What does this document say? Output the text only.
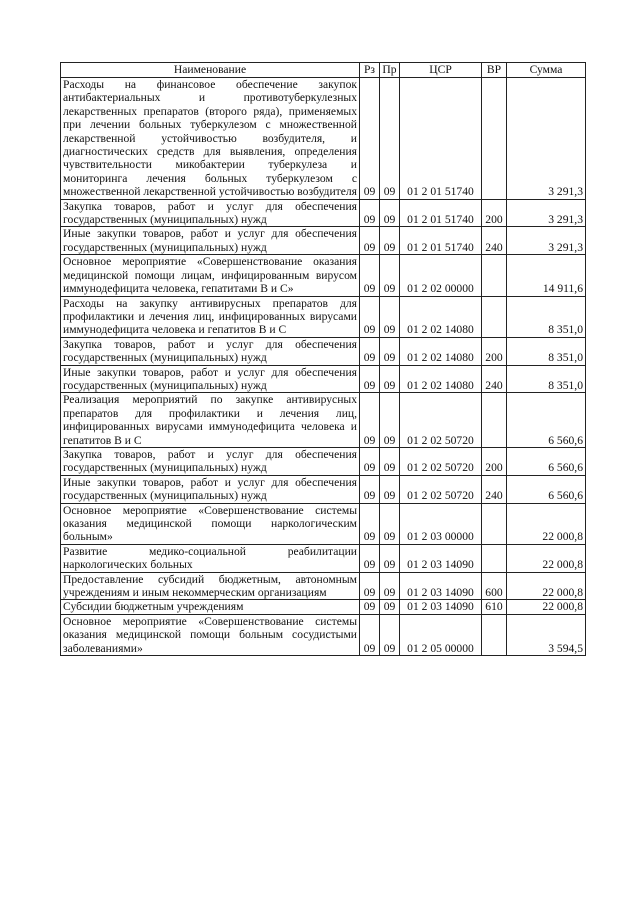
Наименование	Рз	Пр	ЦСР	ВР	Сумма
Расходы на финансовое обеспечение закупок антибактериальных и противотуберкулезных лекарственных препаратов (второго ряда), применяемых при лечении больных туберкулезом с множественной лекарственной устойчивостью возбудителя, и диагностических средств для выявления, определения чувствительности микобактерии туберкулеза и мониторинга лечения больных туберкулезом с множественной лекарственной устойчивостью возбудителя	09	09	01 2 01 51740		3 291,3
Закупка товаров, работ и услуг для обеспечения государственных (муниципальных) нужд	09	09	01 2 01 51740	200	3 291,3
Иные закупки товаров, работ и услуг для обеспечения государственных (муниципальных) нужд	09	09	01 2 01 51740	240	3 291,3
Основное мероприятие «Совершенствование оказания медицинской помощи лицам, инфицированным вирусом иммунодефицита человека, гепатитами В и С»	09	09	01 2 02 00000		14 911,6
Расходы на закупку антивирусных препаратов для профилактики и лечения лиц, инфицированных вирусами иммунодефицита человека и гепатитов В и С	09	09	01 2 02 14080		8 351,0
Закупка товаров, работ и услуг для обеспечения государственных (муниципальных) нужд	09	09	01 2 02 14080	200	8 351,0
Иные закупки товаров, работ и услуг для обеспечения государственных (муниципальных) нужд	09	09	01 2 02 14080	240	8 351,0
Реализация мероприятий по закупке антивирусных препаратов для профилактики и лечения лиц, инфицированных вирусами иммунодефицита человека и гепатитов В и С	09	09	01 2 02 50720		6 560,6
Закупка товаров, работ и услуг для обеспечения государственных (муниципальных) нужд	09	09	01 2 02 50720	200	6 560,6
Иные закупки товаров, работ и услуг для обеспечения государственных (муниципальных) нужд	09	09	01 2 02 50720	240	6 560,6
Основное мероприятие «Совершенствование системы оказания медицинской помощи наркологическим больным»	09	09	01 2 03 00000		22 000,8
Развитие медико-социальной реабилитации наркологических больных	09	09	01 2 03 14090		22 000,8
Предоставление субсидий бюджетным, автономным учреждениям и иным некоммерческим организациям	09	09	01 2 03 14090	600	22 000,8
Субсидии бюджетным учреждениям	09	09	01 2 03 14090	610	22 000,8
Основное мероприятие «Совершенствование системы оказания медицинской помощи больным сосудистыми заболеваниями»	09	09	01 2 05 00000		3 594,5
